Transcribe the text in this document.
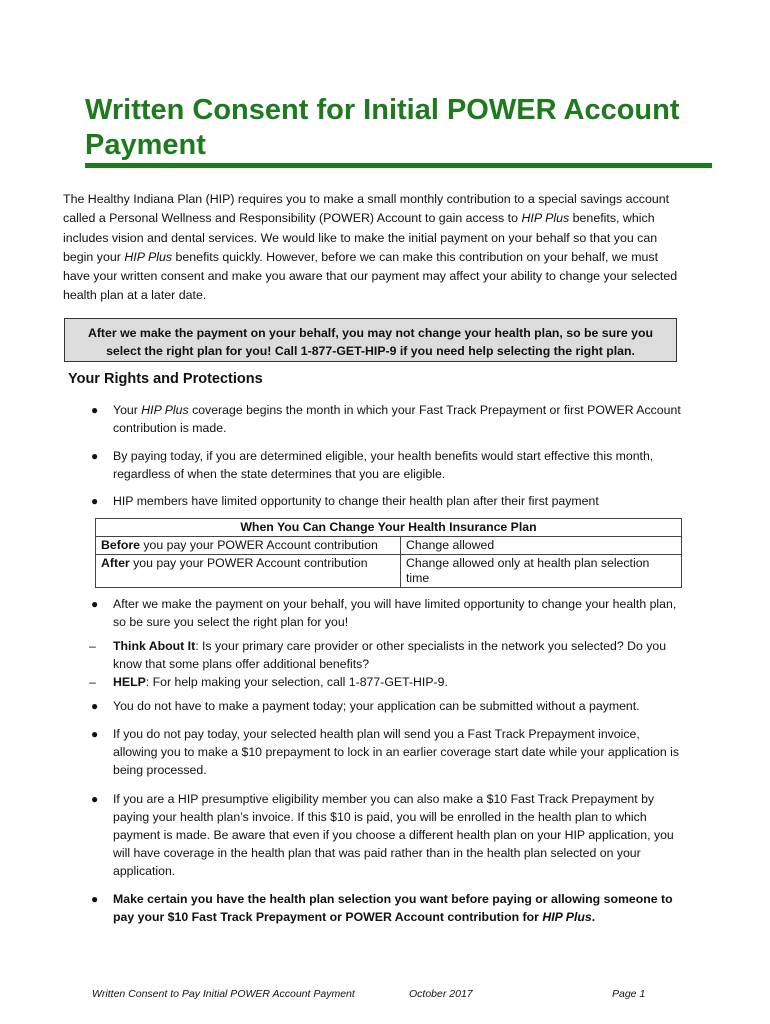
Written Consent for Initial POWER Account Payment

The Healthy Indiana Plan (HIP) requires you to make a small monthly contribution to a special savings account called a Personal Wellness and Responsibility (POWER) Account to gain access to HIP Plus benefits, which includes vision and dental services. We would like to make the initial payment on your behalf so that you can begin your HIP Plus benefits quickly. However, before we can make this contribution on your behalf, we must have your written consent and make you aware that our payment may affect your ability to change your selected health plan at a later date.

After we make the payment on your behalf, you may not change your health plan, so be sure you
select the right plan for you! Call 1-877-GET-HIP-9 if you need help selecting the right plan.
Your Rights and Protections
● Your HIP Plus coverage begins the month in which your Fast Track Prepayment or first POWER Account contribution is made.
● By paying today, if you are determined eligible, your health benefits would start effective this month, regardless of when the state determines that you are eligible.
● HIP members have limited opportunity to change their health plan after their first payment
When You Can Change Your Health Insurance Plan	
Before you pay your POWER Account contribution	Change allowed
After you pay your POWER Account contribution	Change allowed only at health plan selection time
● After we make the payment on your behalf, you will have limited opportunity to change your health plan, so be sure you select the right plan for you!
– Think About It: Is your primary care provider or other specialists in the network you selected? Do you know that some plans offer additional benefits?
– HELP: For help making your selection, call 1-877-GET-HIP-9.
● You do not have to make a payment today; your application can be submitted without a payment.
● If you do not pay today, your selected health plan will send you a Fast Track Prepayment invoice, allowing you to make a $10 prepayment to lock in an earlier coverage start date while your application is being processed.
● If you are a HIP presumptive eligibility member you can also make a $10 Fast Track Prepayment by paying your health plan’s invoice. If this $10 is paid, you will be enrolled in the health plan to which payment is made. Be aware that even if you choose a different health plan on your HIP application, you will have coverage in the health plan that was paid rather than in the health plan selected on your application.
● Make certain you have the health plan selection you want before paying or allowing someone to pay your $10 Fast Track Prepayment or POWER Account contribution for HIP Plus.
Written Consent to Pay Initial POWER Account Payment	October 2017	Page 1
